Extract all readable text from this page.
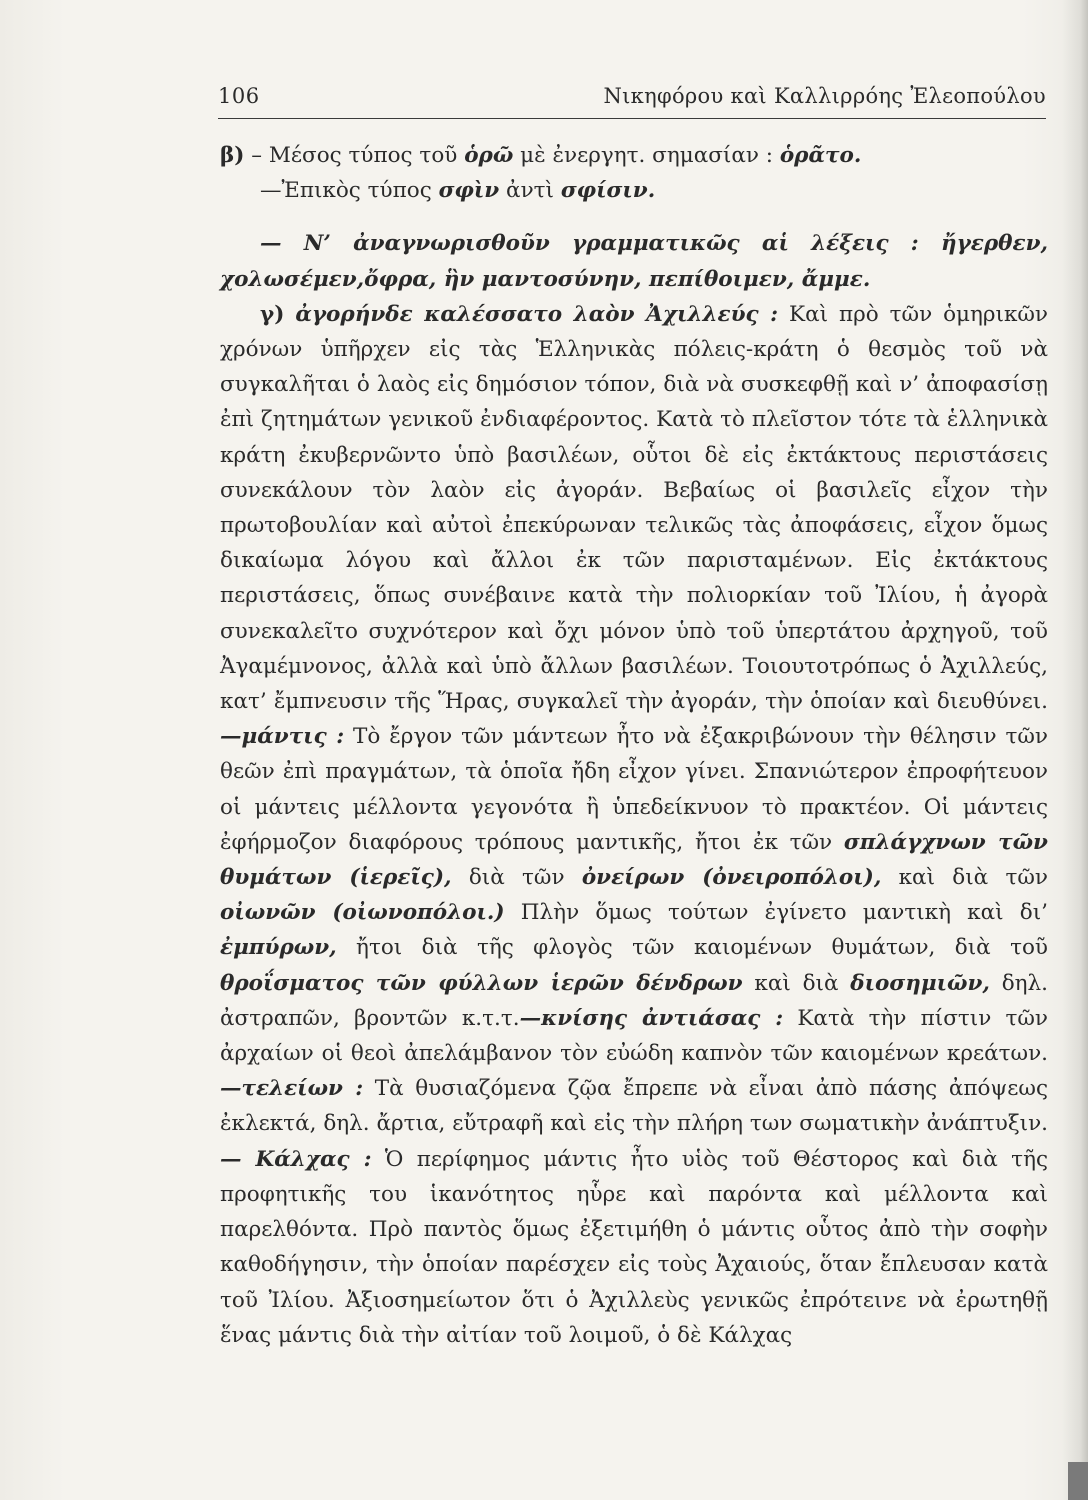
106	Νικηφόρου καὶ Καλλιρρόης Ἐλεοπούλου

β) – Μέσος τύπος τοῦ ὁρῶ μὲ ἐνεργητ. σημασίαν : ὁρᾶτο.

—Ἐπικὸς τύπος σφὶν ἀντὶ σφίσιν.

— Ν’ ἀναγνωρισθοῦν γραμματικῶς αἱ λέξεις : ἤγερθεν, χολωσέμεν,ὄφρα, ἣν μαντοσύνην, πεπίθοιμεν, ἄμμε.

γ) ἀγορήνδε καλέσσατο λαὸν Ἀχιλλεύς : Καὶ πρὸ τῶν ὁμηρικῶν χρόνων ὑπῆρχεν εἰς τὰς Ἑλληνικὰς πόλεις-κράτη ὁ θεσμὸς τοῦ νὰ συγκαλῆται ὁ λαὸς εἰς δημόσιον τόπον, διὰ νὰ συσκεφθῇ καὶ ν’ ἀποφασίσῃ ἐπὶ ζητημάτων γενικοῦ ἐνδιαφέροντος. Κατὰ τὸ πλεῖστον τότε τὰ ἑλληνικὰ κράτη ἐκυβερνῶντο ὑπὸ βασιλέων, οὗτοι δὲ εἰς ἐκτάκτους περιστάσεις συνεκάλουν τὸν λαὸν εἰς ἀγοράν. Βεβαίως οἱ βασιλεῖς εἶχον τὴν πρωτοβουλίαν καὶ αὐτοὶ ἐπεκύρωναν τελικῶς τὰς ἀποφάσεις, εἶχον ὅμως δικαίωμα λόγου καὶ ἄλλοι ἐκ τῶν παρισταμένων. Εἰς ἐκτάκτους περιστάσεις, ὅπως συνέβαινε κατὰ τὴν πολιορκίαν τοῦ Ἰλίου, ἡ ἀγορὰ συνεκαλεῖτο συχνότερον καὶ ὄχι μόνον ὑπὸ τοῦ ὑπερτάτου ἀρχηγοῦ, τοῦ Ἀγαμέμνονος, ἀλλὰ καὶ ὑπὸ ἄλλων βασιλέων. Τοιουτοτρόπως ὁ Ἀχιλλεύς, κατ’ ἔμπνευσιν τῆς Ἥρας, συγκαλεῖ τὴν ἀγοράν, τὴν ὁποίαν καὶ διευθύνει.—μάντις : Τὸ ἔργον τῶν μάντεων ἦτο νὰ ἐξακριβώνουν τὴν θέλησιν τῶν θεῶν ἐπὶ πραγμάτων, τὰ ὁποῖα ἤδη εἶχον γίνει. Σπανιώτερον ἐπροφήτευον οἱ μάντεις μέλλοντα γεγονότα ἢ ὑπεδείκνυον τὸ πρακτέον. Οἱ μάντεις ἐφήρμοζον διαφόρους τρόπους μαντικῆς, ἤτοι ἐκ τῶν σπλάγχνων τῶν θυμάτων (ἱερεῖς), διὰ τῶν ὀνείρων (ὀνειροπόλοι), καὶ διὰ τῶν οἰωνῶν (οἰωνοπόλοι.) Πλὴν ὅμως τούτων ἐγίνετο μαντικὴ καὶ δι’ ἐμπύρων, ἤτοι διὰ τῆς φλογὸς τῶν καιομένων θυμάτων, διὰ τοῦ θροΐσματος τῶν φύλλων ἱερῶν δένδρων καὶ διὰ διοσημιῶν, δηλ. ἀστραπῶν, βροντῶν κ.τ.τ.—κνίσης ἀντιάσας : Κατὰ τὴν πίστιν τῶν ἀρχαίων οἱ θεοὶ ἀπελάμβανον τὸν εὐώδη καπνὸν τῶν καιομένων κρεάτων.—τελείων : Τὰ θυσιαζόμενα ζῷα ἔπρεπε νὰ εἶναι ἀπὸ πάσης ἀπόψεως ἐκλεκτά, δηλ. ἄρτια, εὔτραφῆ καὶ εἰς τὴν πλήρη των σωματικὴν ἀνάπτυξιν.— Κάλχας : Ὁ περίφημος μάντις ἦτο υἱὸς τοῦ Θέστορος καὶ διὰ τῆς προφητικῆς του ἱκανότητος ηὗρε καὶ παρόντα καὶ μέλλοντα καὶ παρελθόντα. Πρὸ παντὸς ὅμως ἐξετιμήθη ὁ μάντις οὗτος ἀπὸ τὴν σοφὴν καθοδήγησιν, τὴν ὁποίαν παρέσχεν εἰς τοὺς Ἀχαιούς, ὅταν ἔπλευσαν κατὰ τοῦ Ἰλίου. Ἀξιοσημείωτον ὅτι ὁ Ἀχιλλεὺς γενικῶς ἐπρότεινε νὰ ἐρωτηθῇ ἕνας μάντις διὰ τὴν αἰτίαν τοῦ λοιμοῦ, ὁ δὲ Κάλχας
